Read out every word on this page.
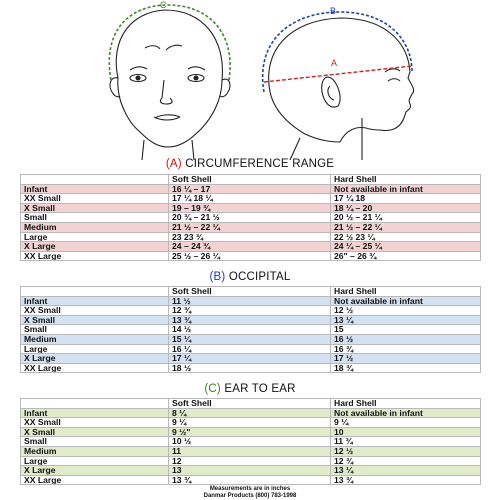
C
B
A
(A) CIRCUMFERENCE RANGE
	Soft Shell	Hard Shell
Infant	16 ¼ – 17	Not available in infant
XX Small	17 ¼ 18 ¼	17 ¼ 18
X Small	19 – 19 ¾	18 ¼ – 20
Small	20 ¾ – 21 ½	20 ½ – 21 ¼
Medium	21 ½ – 22 ¼	21 ½ – 22 ¼
Large	23 23 ¾	22 ½ 23 ¼
X Large	24 – 24 ¾	24 ¼ – 25 ¼
XX Large	25 ½ – 26 ¼	26" – 26 ¾
(B) OCCIPITAL
	Soft Shell	Hard Shell
Infant	11 ½	Not available in infant
XX Small	12 ¾	12 ½
X Small	13 ¾	13 ¼
Small	14 ½	15
Medium	15 ¼	16 ½
Large	16 ¼	16 ¾
X Large	17 ¼	17 ½
XX Large	18 ½	18 ¾
(C) EAR TO EAR
	Soft Shell	Hard Shell
Infant	8 ¼	Not available in infant
XX Small	9 ¼	9 ¼
X Small	9 ½"	10
Small	10 ½	11 ¾
Medium	11	12 ½
Large	12	12 ¾
X Large	13	13 ¼
XX Large	13 ¾	13 ¾
Measurements are in inches
Danmar Products (800) 783-1998
